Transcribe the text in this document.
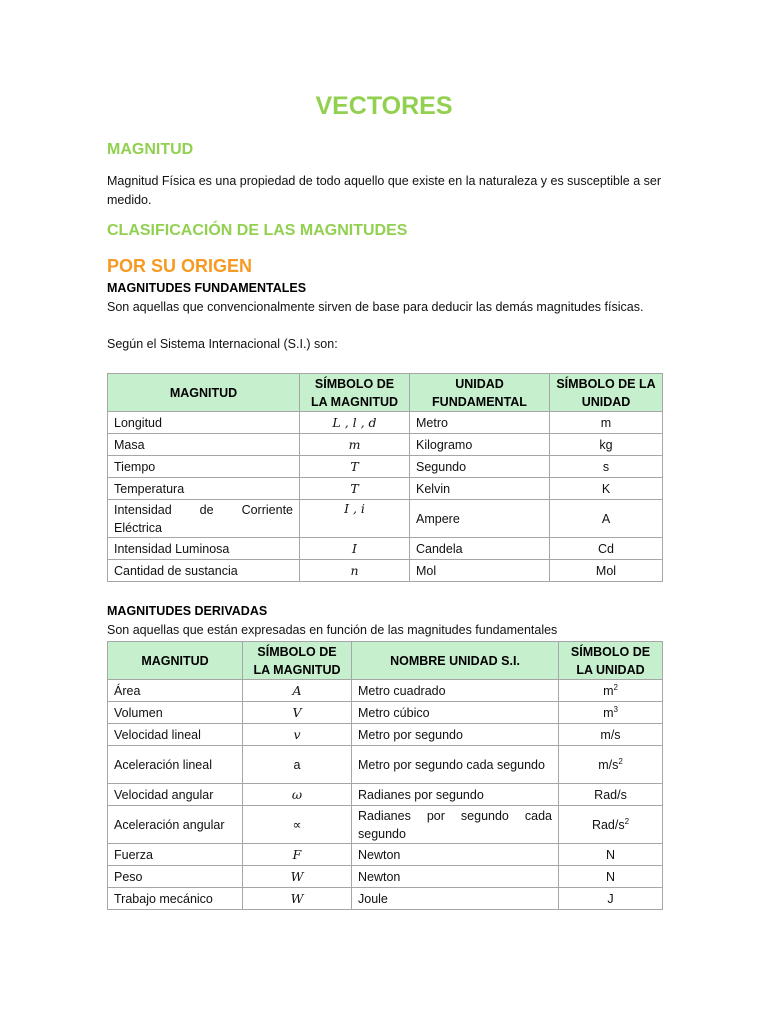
VECTORES
MAGNITUD

Magnitud Física es una propiedad de todo aquello que existe en la naturaleza y es susceptible a ser medido.

CLASIFICACIÓN DE LAS MAGNITUDES
POR SU ORIGEN
MAGNITUDES FUNDAMENTALES

Son aquellas que convencionalmente sirven de base para deducir las demás magnitudes físicas.

Según el Sistema Internacional (S.I.) son:

MAGNITUD	SÍMBOLO DE LA MAGNITUD	UNIDAD FUNDAMENTAL	SÍMBOLO DE LA UNIDAD
Longitud	L , l , d	Metro	m
Masa	m	Kilogramo	kg
Tiempo	T	Segundo	s
Temperatura	T	Kelvin	K
Intensidad de Corriente Eléctrica	I , i	Ampere	A
Intensidad Luminosa	I	Candela	Cd
Cantidad de sustancia	n	Mol	Mol
MAGNITUDES DERIVADAS

Son aquellas que están expresadas en función de las magnitudes fundamentales

MAGNITUD	SÍMBOLO DE LA MAGNITUD	NOMBRE UNIDAD S.I.	SÍMBOLO DE LA UNIDAD
Área	A	Metro cuadrado	$m^2$
Volumen	V	Metro cúbico	$m^3$
Velocidad lineal	v	Metro por segundo	m/s
Aceleración lineal	a	Metro por segundo cada segundo	$m/s^2$
Velocidad angular	ω	Radianes por segundo	Rad/s
Aceleración angular	∝	Radianes por segundo cada segundo	Rad/$s^2$
Fuerza	F	Newton	N
Peso	W	Newton	N
Trabajo mecánico	W	Joule	J
